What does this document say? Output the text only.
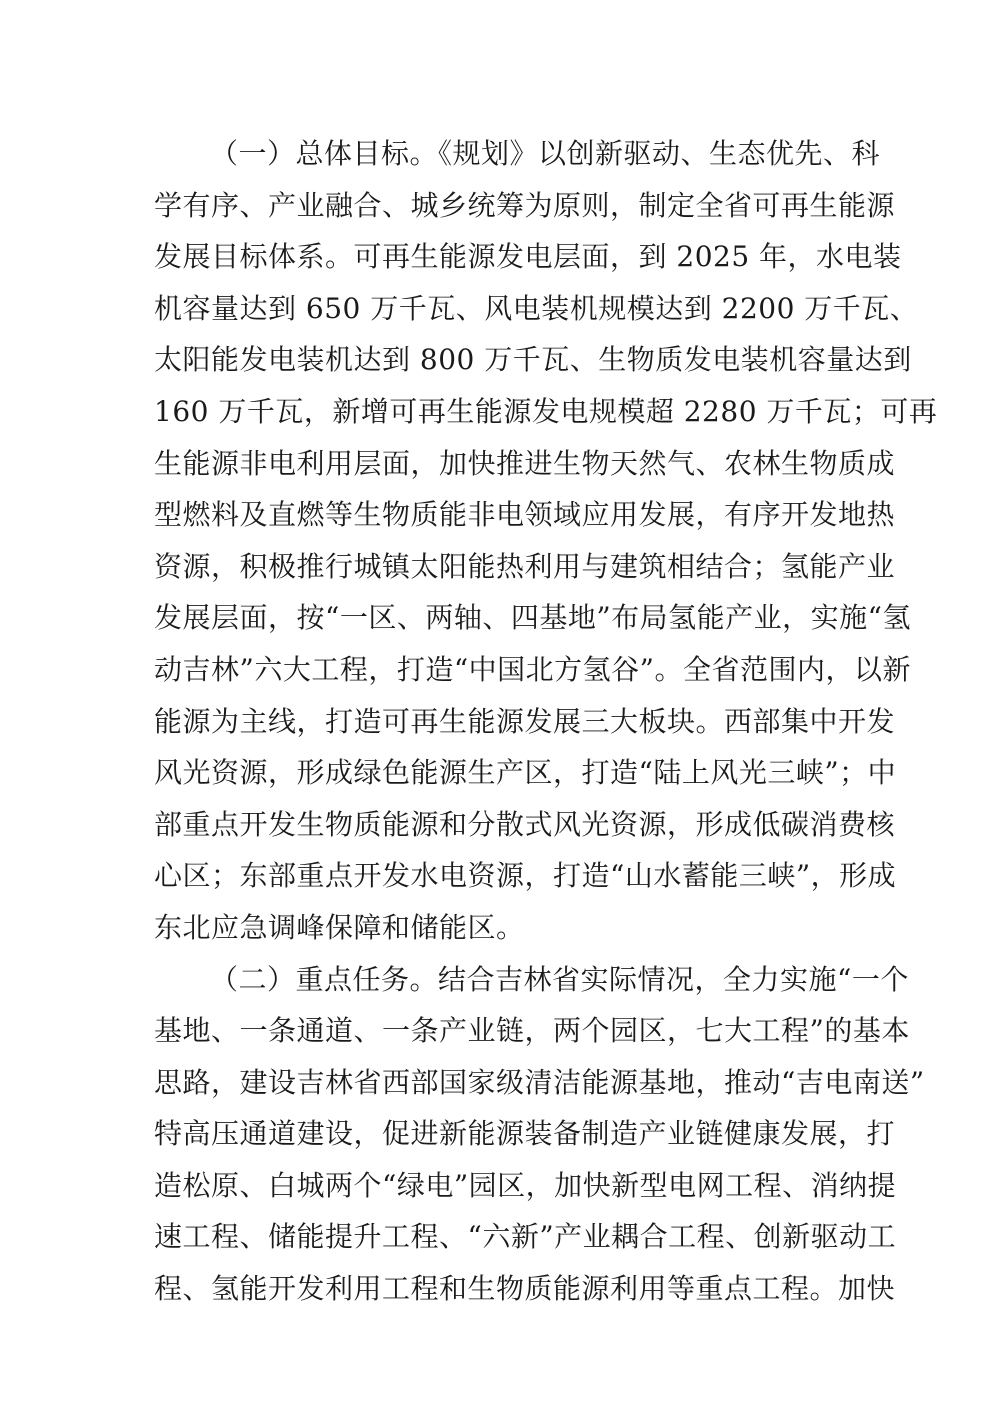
（一）总体目标。《规划》以创新驱动、生态优先、科
学有序、产业融合、城乡统筹为原则，制定全省可再生能源
发展目标体系。可再生能源发电层面，到 2025 年，水电装
机容量达到 650 万千瓦、风电装机规模达到 2200 万千瓦、
太阳能发电装机达到 800 万千瓦、生物质发电装机容量达到
160 万千瓦，新增可再生能源发电规模超 2280 万千瓦；可再
生能源非电利用层面，加快推进生物天然气、农林生物质成
型燃料及直燃等生物质能非电领域应用发展，有序开发地热
资源，积极推行城镇太阳能热利用与建筑相结合；氢能产业
发展层面，按“一区、两轴、四基地”布局氢能产业，实施“氢
动吉林”六大工程，打造“中国北方氢谷”。全省范围内，以新
能源为主线，打造可再生能源发展三大板块。西部集中开发
风光资源，形成绿色能源生产区，打造“陆上风光三峡”；中
部重点开发生物质能源和分散式风光资源，形成低碳消费核
心区；东部重点开发水电资源，打造“山水蓄能三峡”，形成
东北应急调峰保障和储能区。
（二）重点任务。结合吉林省实际情况，全力实施“一个
基地、一条通道、一条产业链，两个园区，七大工程”的基本
思路，建设吉林省西部国家级清洁能源基地，推动“吉电南送”
特高压通道建设，促进新能源装备制造产业链健康发展，打
造松原、白城两个“绿电”园区，加快新型电网工程、消纳提
速工程、储能提升工程、“六新”产业耦合工程、创新驱动工
程、氢能开发利用工程和生物质能源利用等重点工程。加快
